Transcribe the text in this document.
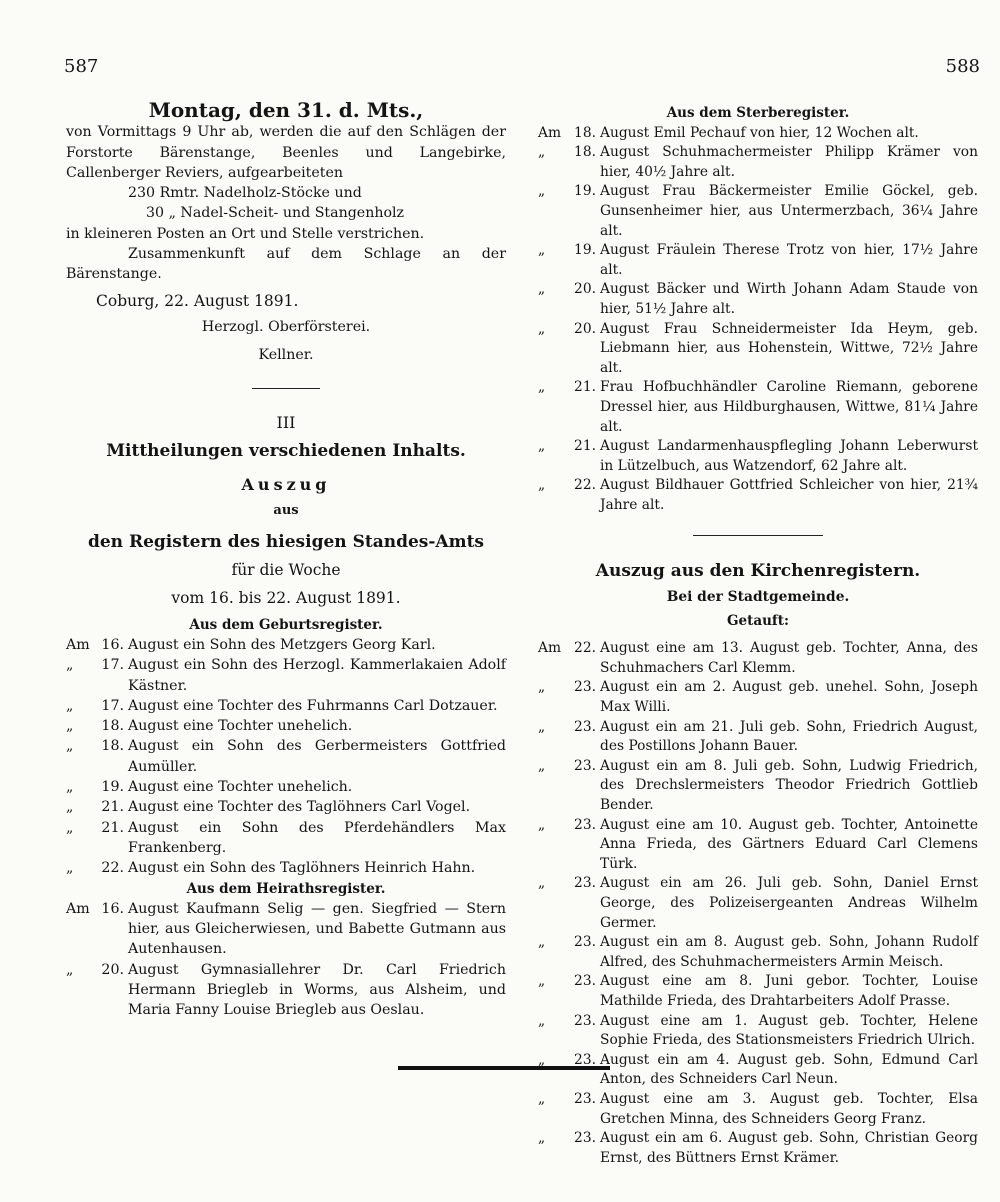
587	588
Montag, den 31. d. Mts.,
von Vormittags 9 Uhr ab, werden die auf den Schlägen der Forstorte Bärenstange, Beenles und Langebirke, Callenberger Reviers, aufgearbeiteten
230 Rmtr. Nadelholz-Stöcke und
30 „ Nadel-Scheit- und Stangenholz
in kleineren Posten an Ort und Stelle verstrichen.
Zusammenkunft auf dem Schlage an der Bärenstange.
Coburg, 22. August 1891.
Herzogl. Oberförsterei.
Kellner.
III
Mittheilungen verschiedenen Inhalts.
Auszug
aus
den Registern des hiesigen Standes-Amts
für die Woche
vom 16. bis 22. August 1891.
Aus dem Geburtsregister.
Am 16. August ein Sohn des Metzgers Georg Karl.
„ 17. August ein Sohn des Herzogl. Kammerlakaien Adolf Kästner.
„ 17. August eine Tochter des Fuhrmanns Carl Dotzauer.
„ 18. August eine Tochter unehelich.
„ 18. August ein Sohn des Gerbermeisters Gottfried Aumüller.
„ 19. August eine Tochter unehelich.
„ 21. August eine Tochter des Taglöhners Carl Vogel.
„ 21. August ein Sohn des Pferdehändlers Max Frankenberg.
„ 22. August ein Sohn des Taglöhners Heinrich Hahn.
Aus dem Heirathsregister.
Am 16. August Kaufmann Selig — gen. Siegfried — Stern hier, aus Gleicherwiesen, und Babette Gutmann aus Autenhausen.
„ 20. August Gymnasiallehrer Dr. Carl Friedrich Hermann Briegleb in Worms, aus Alsheim, und Maria Fanny Louise Briegleb aus Oeslau.
Aus dem Sterberegister.
Am 18. August Emil Pechauf von hier, 12 Wochen alt.
„ 18. August Schuhmachermeister Philipp Krämer von hier, 40½ Jahre alt.
„ 19. August Frau Bäckermeister Emilie Göckel, geb. Gunsenheimer hier, aus Untermerzbach, 36¼ Jahre alt.
„ 19. August Fräulein Therese Trotz von hier, 17½ Jahre alt.
„ 20. August Bäcker und Wirth Johann Adam Staude von hier, 51½ Jahre alt.
„ 20. August Frau Schneidermeister Ida Heym, geb. Liebmann hier, aus Hohenstein, Wittwe, 72½ Jahre alt.
„ 21. Frau Hofbuchhändler Caroline Riemann, geborene Dressel hier, aus Hildburghausen, Wittwe, 81¼ Jahre alt.
„ 21. August Landarmenhauspflegling Johann Leberwurst in Lützelbuch, aus Watzendorf, 62 Jahre alt.
„ 22. August Bildhauer Gottfried Schleicher von hier, 21¾ Jahre alt.
Auszug aus den Kirchenregistern.
Bei der Stadtgemeinde.
Getauft:
Am 22. August eine am 13. August geb. Tochter, Anna, des Schuhmachers Carl Klemm.
„ 23. August ein am 2. August geb. unehel. Sohn, Joseph Max Willi.
„ 23. August ein am 21. Juli geb. Sohn, Friedrich August, des Postillons Johann Bauer.
„ 23. August ein am 8. Juli geb. Sohn, Ludwig Friedrich, des Drechslermeisters Theodor Friedrich Gottlieb Bender.
„ 23. August eine am 10. August geb. Tochter, Antoinette Anna Frieda, des Gärtners Eduard Carl Clemens Türk.
„ 23. August ein am 26. Juli geb. Sohn, Daniel Ernst George, des Polizeisergeanten Andreas Wilhelm Germer.
„ 23. August ein am 8. August geb. Sohn, Johann Rudolf Alfred, des Schuhmachermeisters Armin Meisch.
„ 23. August eine am 8. Juni gebor. Tochter, Louise Mathilde Frieda, des Drahtarbeiters Adolf Prasse.
„ 23. August eine am 1. August geb. Tochter, Helene Sophie Frieda, des Stationsmeisters Friedrich Ulrich.
„ 23. August ein am 4. August geb. Sohn, Edmund Carl Anton, des Schneiders Carl Neun.
„ 23. August eine am 3. August geb. Tochter, Elsa Gretchen Minna, des Schneiders Georg Franz.
„ 23. August ein am 6. August geb. Sohn, Christian Georg Ernst, des Büttners Ernst Krämer.
